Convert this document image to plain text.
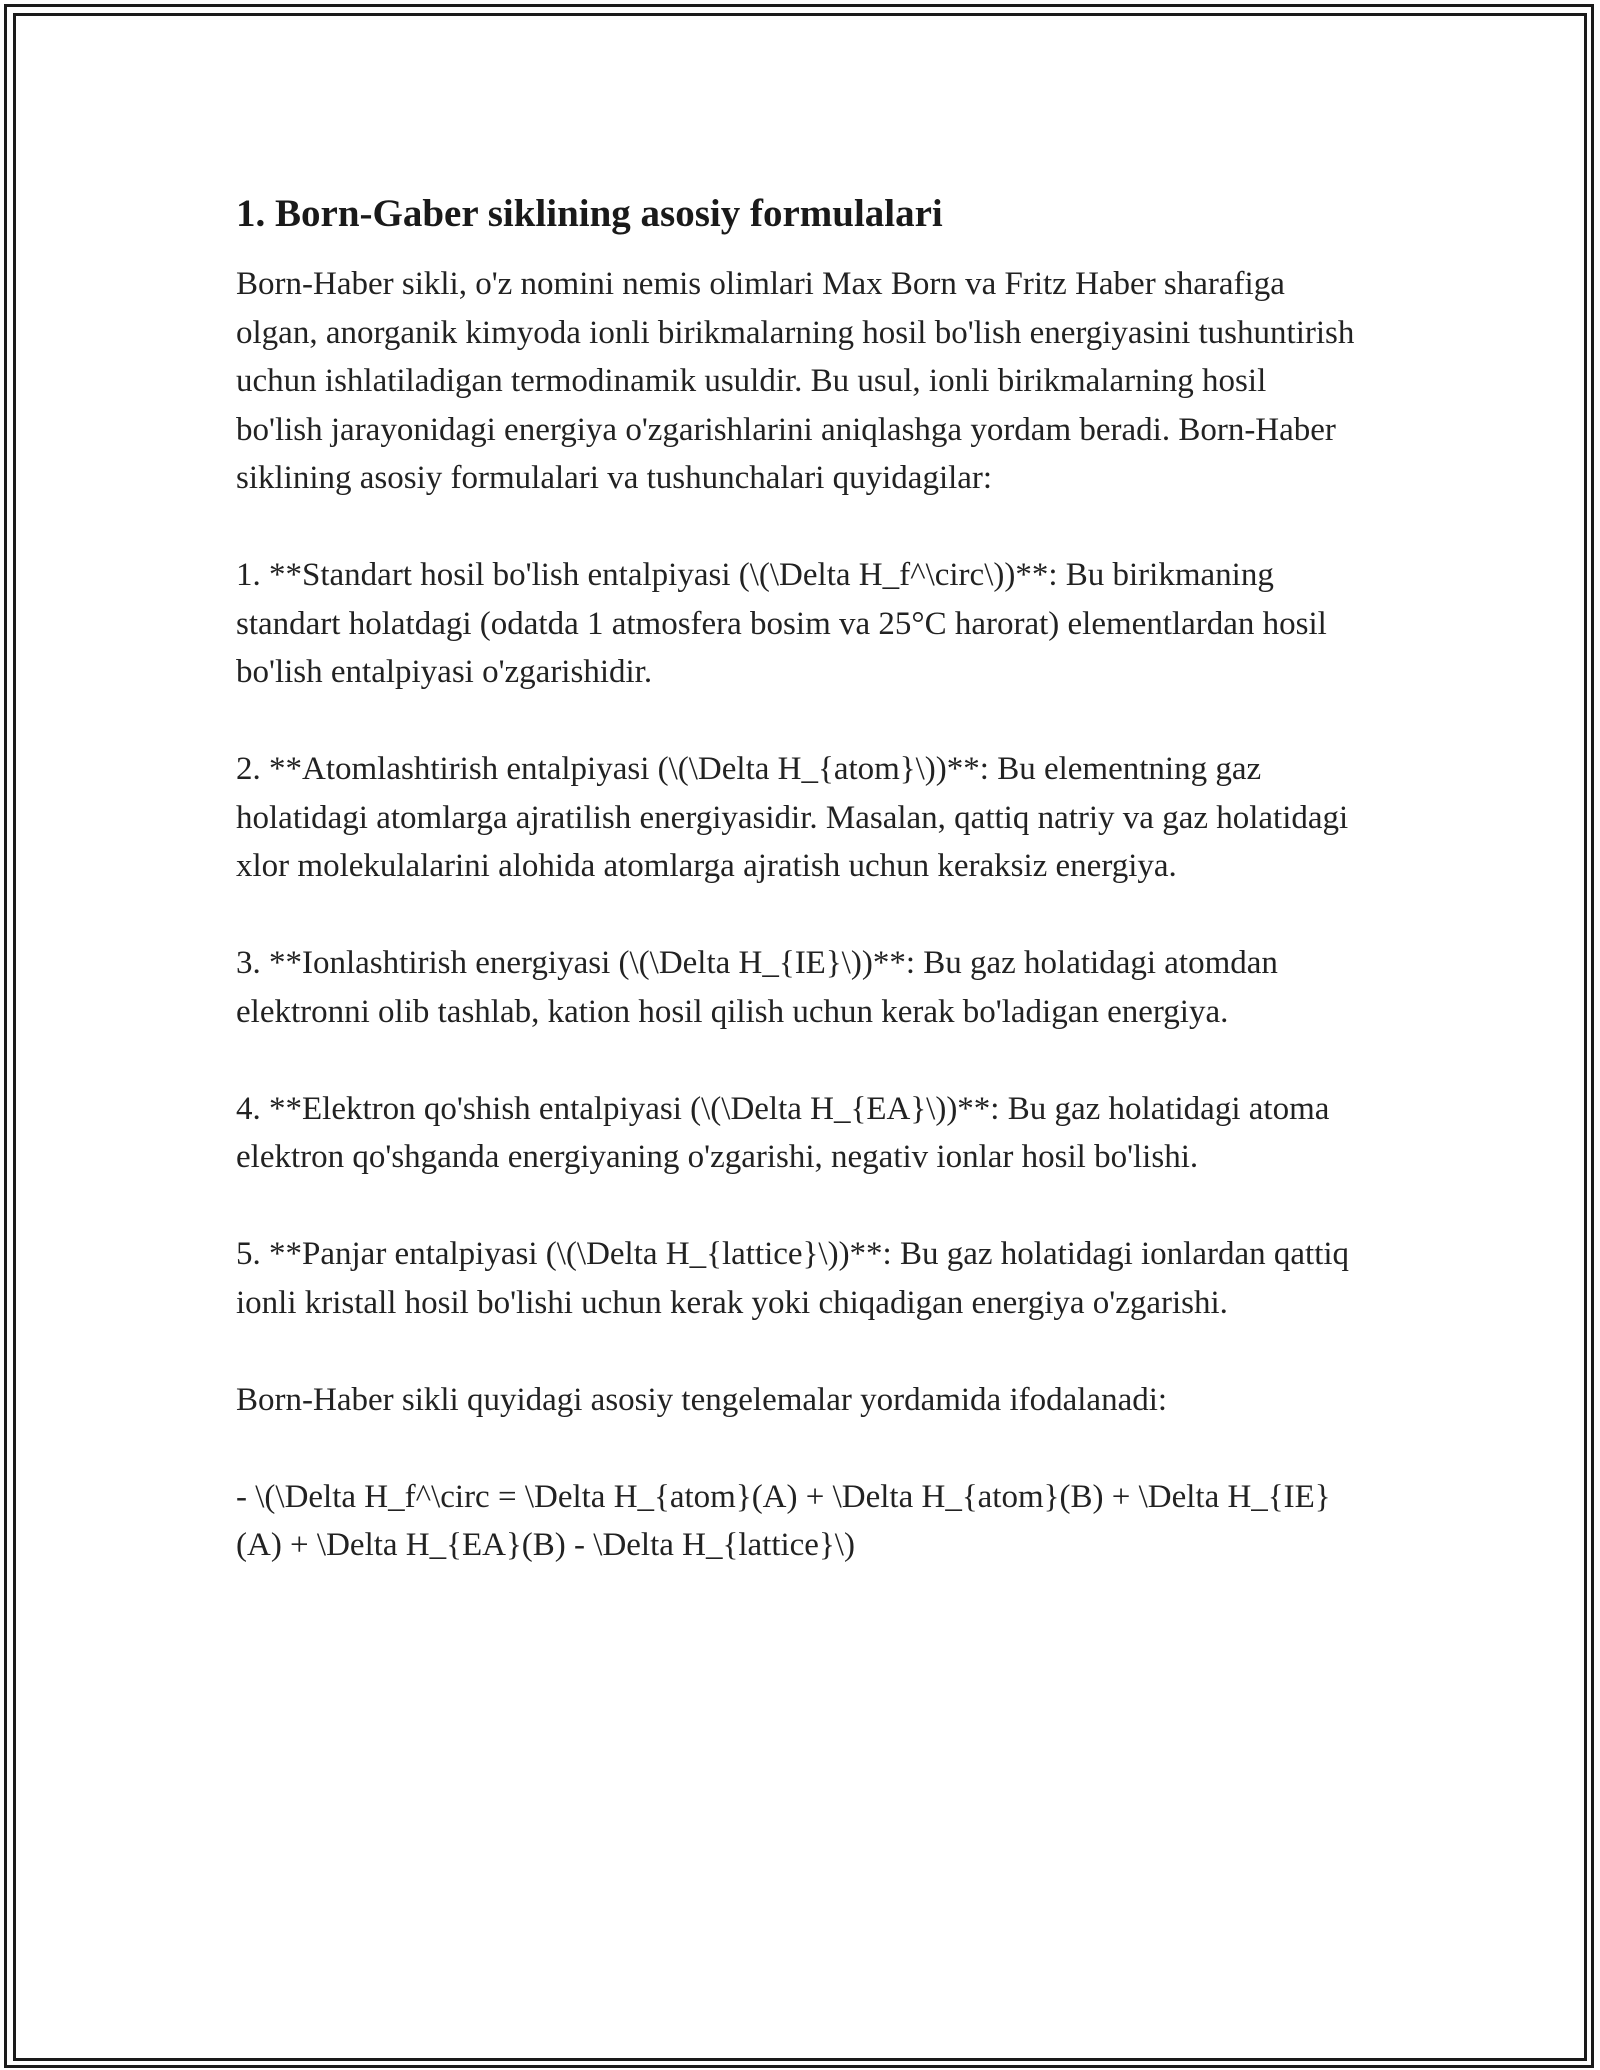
1. Born-Gaber siklining asosiy formulalari

Born-Haber sikli, o'z nomini nemis olimlari Max Born va Fritz Haber sharafiga olgan, anorganik kimyoda ionli birikmalarning hosil bo'lish energiyasini tushuntirish uchun ishlatiladigan termodinamik usuldir. Bu usul, ionli birikmalarning hosil bo'lish jarayonidagi energiya o'zgarishlarini aniqlashga yordam beradi. Born-Haber siklining asosiy formulalari va tushunchalari quyidagilar:

1. **Standart hosil bo'lish entalpiyasi (\(\Delta H_f^\circ\))**: Bu birikmaning standart holatdagi (odatda 1 atmosfera bosim va 25°C harorat) elementlardan hosil bo'lish entalpiyasi o'zgarishidir.

2. **Atomlashtirish entalpiyasi (\(\Delta H_{atom}\))**: Bu elementning gaz holatidagi atomlarga ajratilish energiyasidir. Masalan, qattiq natriy va gaz holatidagi xlor molekulalarini alohida atomlarga ajratish uchun keraksiz energiya.

3. **Ionlashtirish energiyasi (\(\Delta H_{IE}\))**: Bu gaz holatidagi atomdan elektronni olib tashlab, kation hosil qilish uchun kerak bo'ladigan energiya.

4. **Elektron qo'shish entalpiyasi (\(\Delta H_{EA}\))**: Bu gaz holatidagi atoma elektron qo'shganda energiyaning o'zgarishi, negativ ionlar hosil bo'lishi.

5. **Panjar entalpiyasi (\(\Delta H_{lattice}\))**: Bu gaz holatidagi ionlardan qattiq ionli kristall hosil bo'lishi uchun kerak yoki chiqadigan energiya o'zgarishi.

Born-Haber sikli quyidagi asosiy tengelemalar yordamida ifodalanadi:

- \(\Delta H_f^\circ = \Delta H_{atom}(A) + \Delta H_{atom}(B) + \Delta H_{IE}(A) + \Delta H_{EA}(B) - \Delta H_{lattice}\)
